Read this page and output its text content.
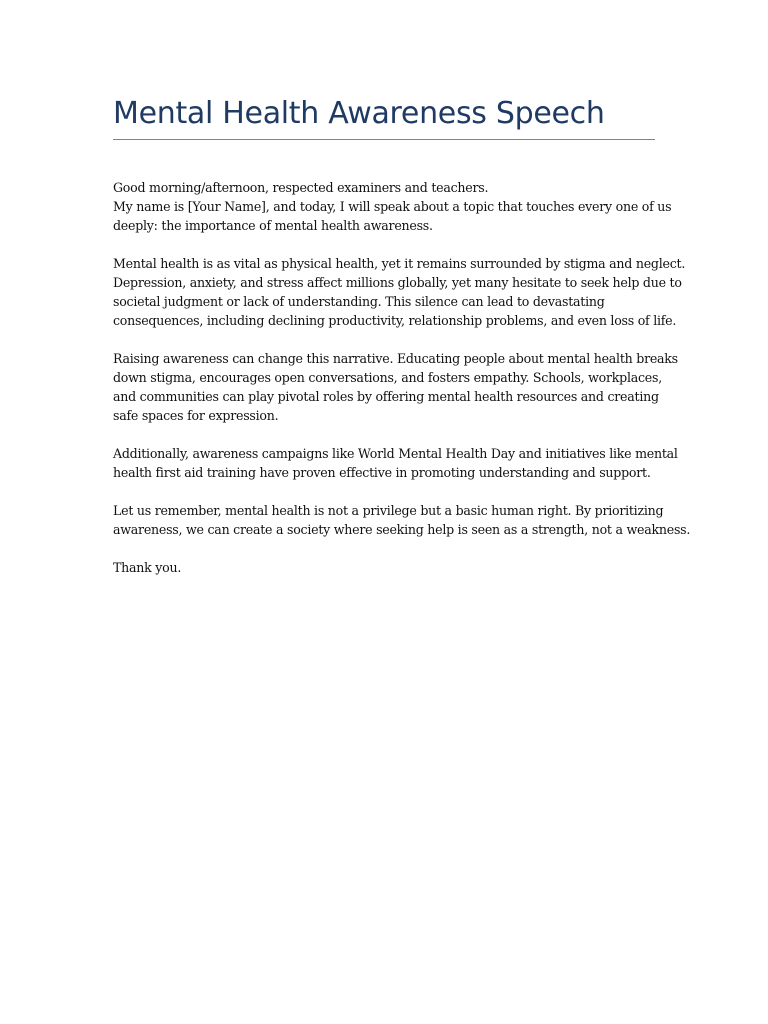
Mental Health Awareness Speech

Good morning/afternoon, respected examiners and teachers.
My name is [Your Name], and today, I will speak about a topic that touches every one of us
deeply: the importance of mental health awareness.

Mental health is as vital as physical health, yet it remains surrounded by stigma and neglect.
Depression, anxiety, and stress affect millions globally, yet many hesitate to seek help due to
societal judgment or lack of understanding. This silence can lead to devastating
consequences, including declining productivity, relationship problems, and even loss of life.

Raising awareness can change this narrative. Educating people about mental health breaks
down stigma, encourages open conversations, and fosters empathy. Schools, workplaces,
and communities can play pivotal roles by offering mental health resources and creating
safe spaces for expression.

Additionally, awareness campaigns like World Mental Health Day and initiatives like mental
health first aid training have proven effective in promoting understanding and support.

Let us remember, mental health is not a privilege but a basic human right. By prioritizing
awareness, we can create a society where seeking help is seen as a strength, not a weakness.

Thank you.
